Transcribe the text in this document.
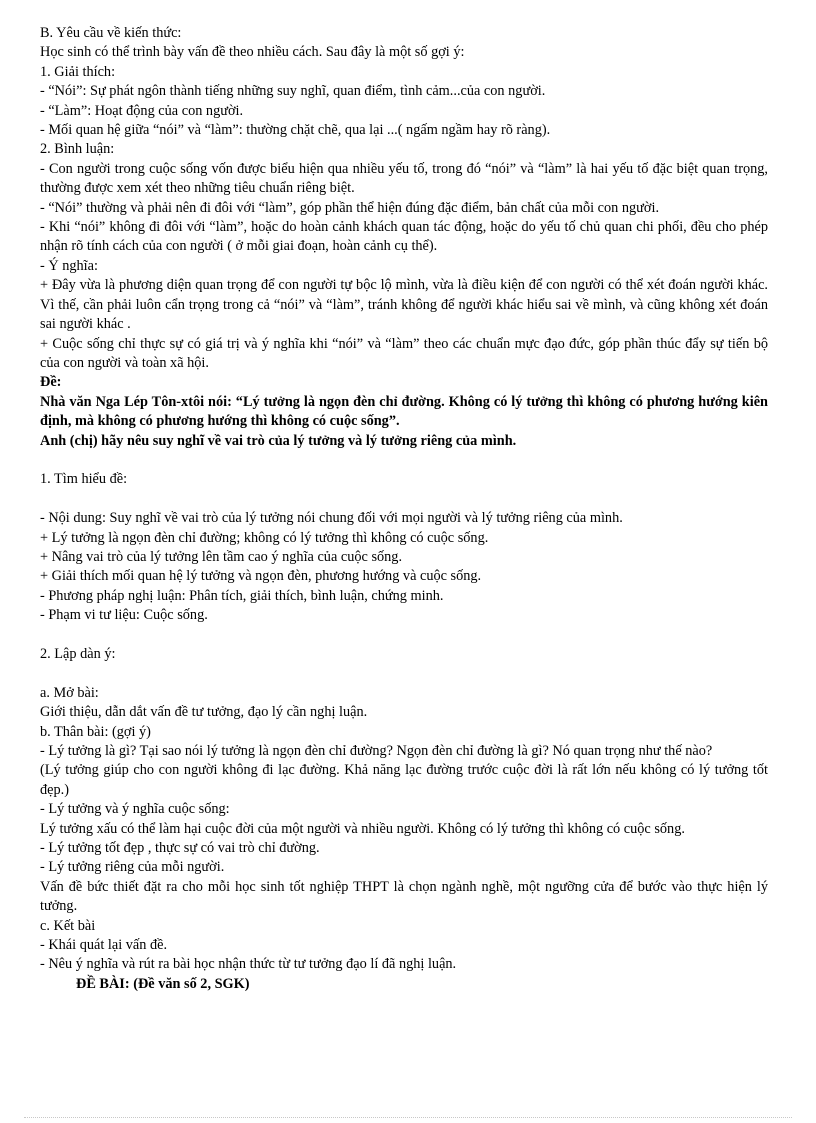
B. Yêu cầu về kiến thức:
Học sinh có thể trình bày vấn đề theo nhiều cách. Sau đây là một số gợi ý:
1. Giải thích:
- “Nói”: Sự phát ngôn thành tiếng những suy nghĩ, quan điểm, tình cảm...của con người.
- “Làm”: Hoạt động của con người.
- Mối quan hệ giữa “nói” và “làm”: thường chặt chẽ, qua lại ...( ngấm ngầm hay rõ ràng).
2. Bình luận:
- Con người trong cuộc sống vốn được biểu hiện qua nhiều yếu tố, trong đó “nói” và “làm” là hai yếu tố đặc biệt quan trọng, thường được xem xét theo những tiêu chuẩn riêng biệt.
- “Nói” thường và phải nên đi đôi với “làm”, góp phần thể hiện đúng đặc điểm, bản chất của mỗi con người.
- Khi “nói” không đi đôi với “làm”, hoặc do hoàn cảnh khách quan tác động, hoặc do yếu tố chủ quan chi phối, đều cho phép nhận rõ tính cách của con người ( ở mỗi giai đoạn, hoàn cảnh cụ thể).
- Ý nghĩa:
+ Đây vừa là phương diện quan trọng để con người tự bộc lộ mình, vừa là điều kiện để con người có thể xét đoán người khác. Vì thế, cần phải luôn cẩn trọng trong cả “nói” và “làm”, tránh không để người khác hiểu sai về mình, và cũng không xét đoán sai người khác .
+ Cuộc sống chỉ thực sự có giá trị và ý nghĩa khi “nói” và “làm” theo các chuẩn mực đạo đức, góp phần thúc đẩy sự tiến bộ của con người và toàn xã hội.
Đề:
Nhà văn Nga Lép Tôn-xtôi nói: “Lý tưởng là ngọn đèn chỉ đường. Không có lý tưởng thì không có phương hướng kiên định, mà không có phương hướng thì không có cuộc sống”.
Anh (chị) hãy nêu suy nghĩ về vai trò của lý tưởng và lý tưởng riêng của mình.
1. Tìm hiểu đề:
- Nội dung: Suy nghĩ về vai trò của lý tưởng nói chung đối với mọi người và lý tưởng riêng của mình.
+ Lý tưởng là ngọn đèn chỉ đường; không có lý tưởng thì không có cuộc sống.
+ Nâng vai trò của lý tưởng lên tầm cao ý nghĩa của cuộc sống.
+ Giải thích mối quan hệ lý tưởng và ngọn đèn, phương hướng và cuộc sống.
- Phương pháp nghị luận: Phân tích, giải thích, bình luận, chứng minh.
- Phạm vi tư liệu: Cuộc sống.
2. Lập dàn ý:
a. Mở bài:
Giới thiệu, dẫn dắt vấn đề tư tưởng, đạo lý cần nghị luận.
b. Thân bài: (gợi ý)
- Lý tưởng là gì? Tại sao nói lý tưởng là ngọn đèn chỉ đường? Ngọn đèn chỉ đường là gì? Nó quan trọng như thế nào?
(Lý tưởng giúp cho con người không đi lạc đường. Khả năng lạc đường trước cuộc đời là rất lớn nếu không có lý tưởng tốt đẹp.)
- Lý tưởng và ý nghĩa cuộc sống:
Lý tưởng xấu có thể làm hại cuộc đời của một người và nhiều người. Không có lý tưởng thì không có cuộc sống.
- Lý tưởng tốt đẹp , thực sự có vai trò chỉ đường.
- Lý tưởng riêng của mỗi người.
Vấn đề bức thiết đặt ra cho mỗi học sinh tốt nghiệp THPT là chọn ngành nghề, một ngưỡng cửa để bước vào thực hiện lý tưởng.
c. Kết bài
- Khái quát lại vấn đề.
- Nêu ý nghĩa và rút ra bài học nhận thức từ tư tưởng đạo lí đã nghị luận.
ĐỀ BÀI: (Đề văn số 2, SGK)
